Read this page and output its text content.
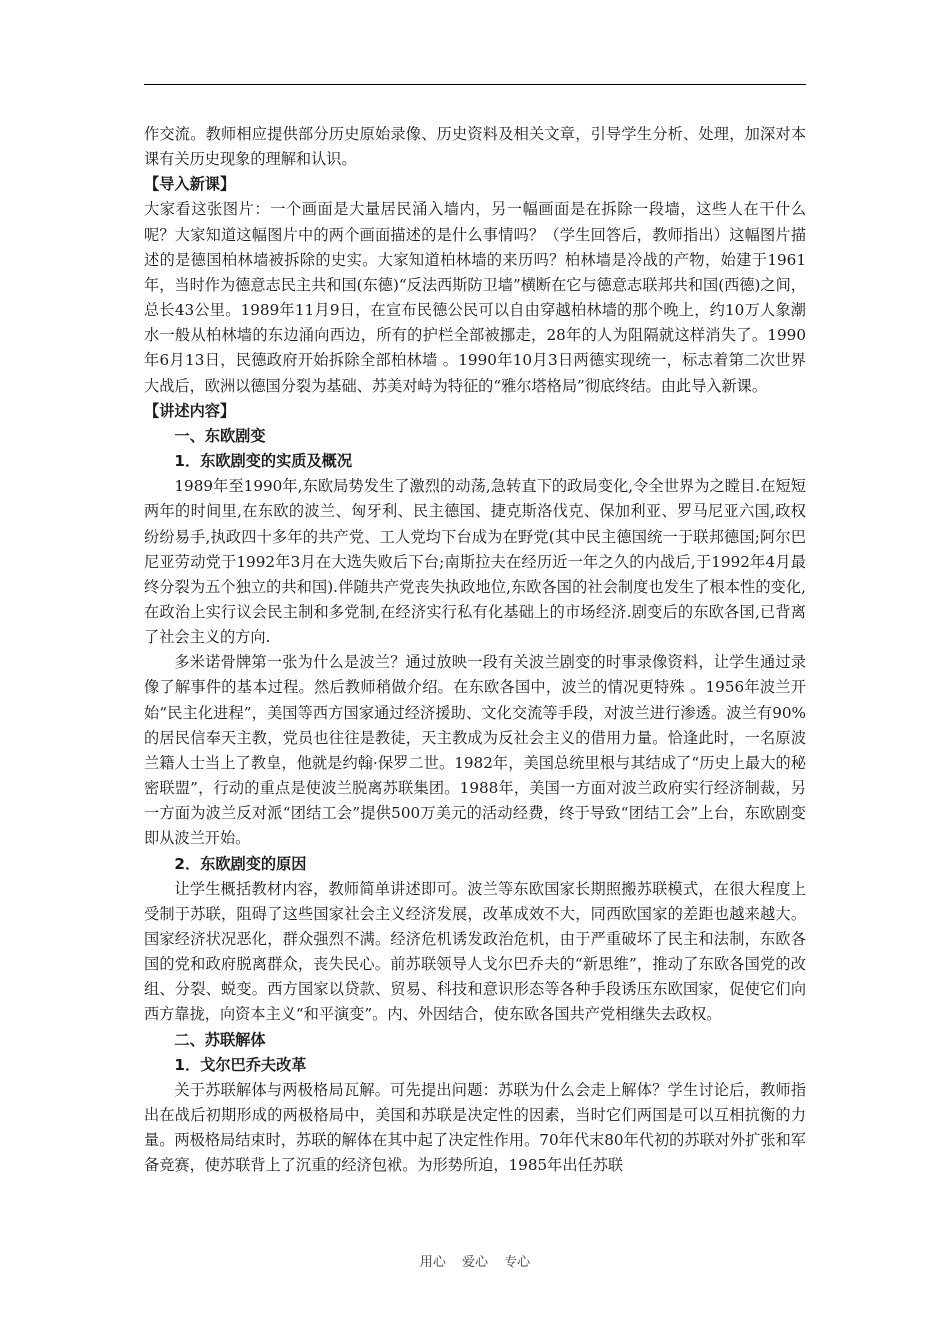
作交流。教师相应提供部分历史原始录像、历史资料及相关文章，引导学生分析、处理，加深对本课有关历史现象的理解和认识。

【导入新课】

大家看这张图片：一个画面是大量居民涌入墙内，另一幅画面是在拆除一段墙，这些人在干什么呢？大家知道这幅图片中的两个画面描述的是什么事情吗？（学生回答后，教师指出）这幅图片描述的是德国柏林墙被拆除的史实。大家知道柏林墙的来历吗？柏林墙是冷战的产物，始建于1961年，当时作为德意志民主共和国(东德)“反法西斯防卫墙”横断在它与德意志联邦共和国(西德)之间，总长43公里。1989年11月9日，在宣布民德公民可以自由穿越柏林墙的那个晚上，约10万人象潮水一般从柏林墙的东边涌向西边，所有的护栏全部被挪走，28年的人为阻隔就这样消失了。1990年6月13日，民德政府开始拆除全部柏林墙 。1990年10月3日两德实现统一，标志着第二次世界大战后，欧洲以德国分裂为基础、苏美对峙为特征的“雅尔塔格局”彻底终结。由此导入新课。

【讲述内容】

一、东欧剧变

1．东欧剧变的实质及概况

1989年至1990年,东欧局势发生了激烈的动荡,急转直下的政局变化,令全世界为之瞠目.在短短两年的时间里,在东欧的波兰、匈牙利、民主德国、捷克斯洛伐克、保加利亚、罗马尼亚六国,政权纷纷易手,执政四十多年的共产党、工人党均下台成为在野党(其中民主德国统一于联邦德国;阿尔巴尼亚劳动党于1992年3月在大选失败后下台;南斯拉夫在经历近一年之久的内战后,于1992年4月最终分裂为五个独立的共和国).伴随共产党丧失执政地位,东欧各国的社会制度也发生了根本性的变化,在政治上实行议会民主制和多党制,在经济实行私有化基础上的市场经济.剧变后的东欧各国,已背离了社会主义的方向.

多米诺骨牌第一张为什么是波兰？通过放映一段有关波兰剧变的时事录像资料，让学生通过录像了解事件的基本过程。然后教师稍做介绍。在东欧各国中，波兰的情况更特殊 。1956年波兰开始“民主化进程”，美国等西方国家通过经济援助、文化交流等手段，对波兰进行渗透。波兰有90%的居民信奉天主教，党员也往往是教徒，天主教成为反社会主义的借用力量。恰逢此时，一名原波兰籍人士当上了教皇，他就是约翰·保罗二世。1982年，美国总统里根与其结成了“历史上最大的秘密联盟”，行动的重点是使波兰脱离苏联集团。1988年，美国一方面对波兰政府实行经济制裁，另一方面为波兰反对派“团结工会”提供500万美元的活动经费，终于导致“团结工会”上台，东欧剧变即从波兰开始。

2．东欧剧变的原因

让学生概括教材内容，教师简单讲述即可。波兰等东欧国家长期照搬苏联模式，在很大程度上受制于苏联，阻碍了这些国家社会主义经济发展，改革成效不大，同西欧国家的差距也越来越大。国家经济状况恶化，群众强烈不满。经济危机诱发政治危机，由于严重破坏了民主和法制，东欧各国的党和政府脱离群众，丧失民心。前苏联领导人戈尔巴乔夫的“新思维”，推动了东欧各国党的改组、分裂、蜕变。西方国家以贷款、贸易、科技和意识形态等各种手段诱压东欧国家，促使它们向西方靠拢，向资本主义“和平演变”。内、外因结合，使东欧各国共产党相继失去政权。

二、苏联解体

1．戈尔巴乔夫改革

关于苏联解体与两极格局瓦解。可先提出问题：苏联为什么会走上解体？学生讨论后，教师指出在战后初期形成的两极格局中，美国和苏联是决定性的因素，当时它们两国是可以互相抗衡的力量。两极格局结束时，苏联的解体在其中起了决定性作用。70年代末80年代初的苏联对外扩张和军备竞赛，使苏联背上了沉重的经济包袱。为形势所迫，1985年出任苏联

用心 爱心 专心
